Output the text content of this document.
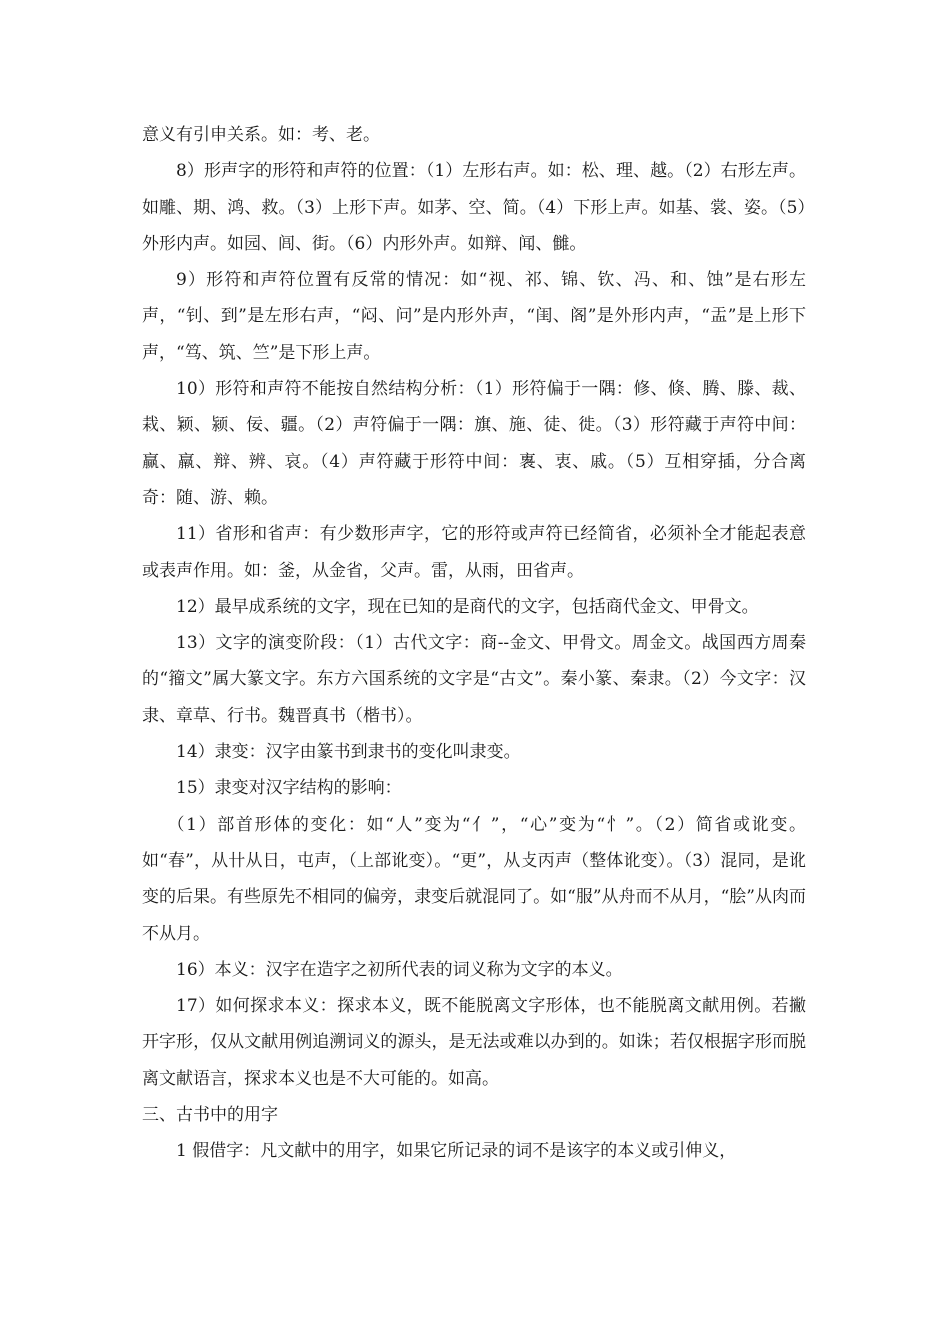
意义有引申关系。如：考、老。

8）形声字的形符和声符的位置：（1）左形右声。如：松、理、越。（2）右形左声。如雕、期、鸿、救。（3）上形下声。如茅、空、简。（4）下形上声。如基、裳、姿。（5）外形内声。如园、闾、街。（6）内形外声。如辩、闻、雠。

9）形符和声符位置有反常的情况：如“视、祁、锦、钦、冯、和、蚀”是右形左声，“钊、到”是左形右声，“闷、问”是内形外声，“闺、阁”是外形内声，“盂”是上形下声，“笃、筑、竺”是下形上声。

10）形符和声符不能按自然结构分析：（1）形符偏于一隅：修、倏、腾、滕、裁、栽、颖、颍、佞、疆。（2）声符偏于一隅：旗、施、徒、徙。（3）形符藏于声符中间：赢、羸、辩、辨、哀。（4）声符藏于形符中间：褢、衷、戚。（5）互相穿插，分合离奇：随、游、赖。

11）省形和省声：有少数形声字，它的形符或声符已经简省，必须补全才能起表意或表声作用。如：釜，从金省，父声。雷，从雨，田省声。

12）最早成系统的文字，现在已知的是商代的文字，包括商代金文、甲骨文。

13）文字的演变阶段：（1）古代文字：商--金文、甲骨文。周金文。战国西方周秦的“籀文”属大篆文字。东方六国系统的文字是“古文”。秦小篆、秦隶。（2）今文字：汉隶、章草、行书。魏晋真书（楷书）。

14）隶变：汉字由篆书到隶书的变化叫隶变。

15）隶变对汉字结构的影响：

（1）部首形体的变化：如“人”变为“亻”，“心”变为“忄”。（2）简省或讹变。如“春”，从卄从日，屯声，（上部讹变）。“更”，从攴丙声（整体讹变）。（3）混同，是讹变的后果。有些原先不相同的偏旁，隶变后就混同了。如“服”从舟而不从月，“脍”从肉而不从月。

16）本义：汉字在造字之初所代表的词义称为文字的本义。

17）如何探求本义：探求本义，既不能脱离文字形体，也不能脱离文献用例。若撇开字形，仅从文献用例追溯词义的源头，是无法或难以办到的。如诛；若仅根据字形而脱离文献语言，探求本义也是不大可能的。如高。

三、古书中的用字

1 假借字：凡文献中的用字，如果它所记录的词不是该字的本义或引伸义，
